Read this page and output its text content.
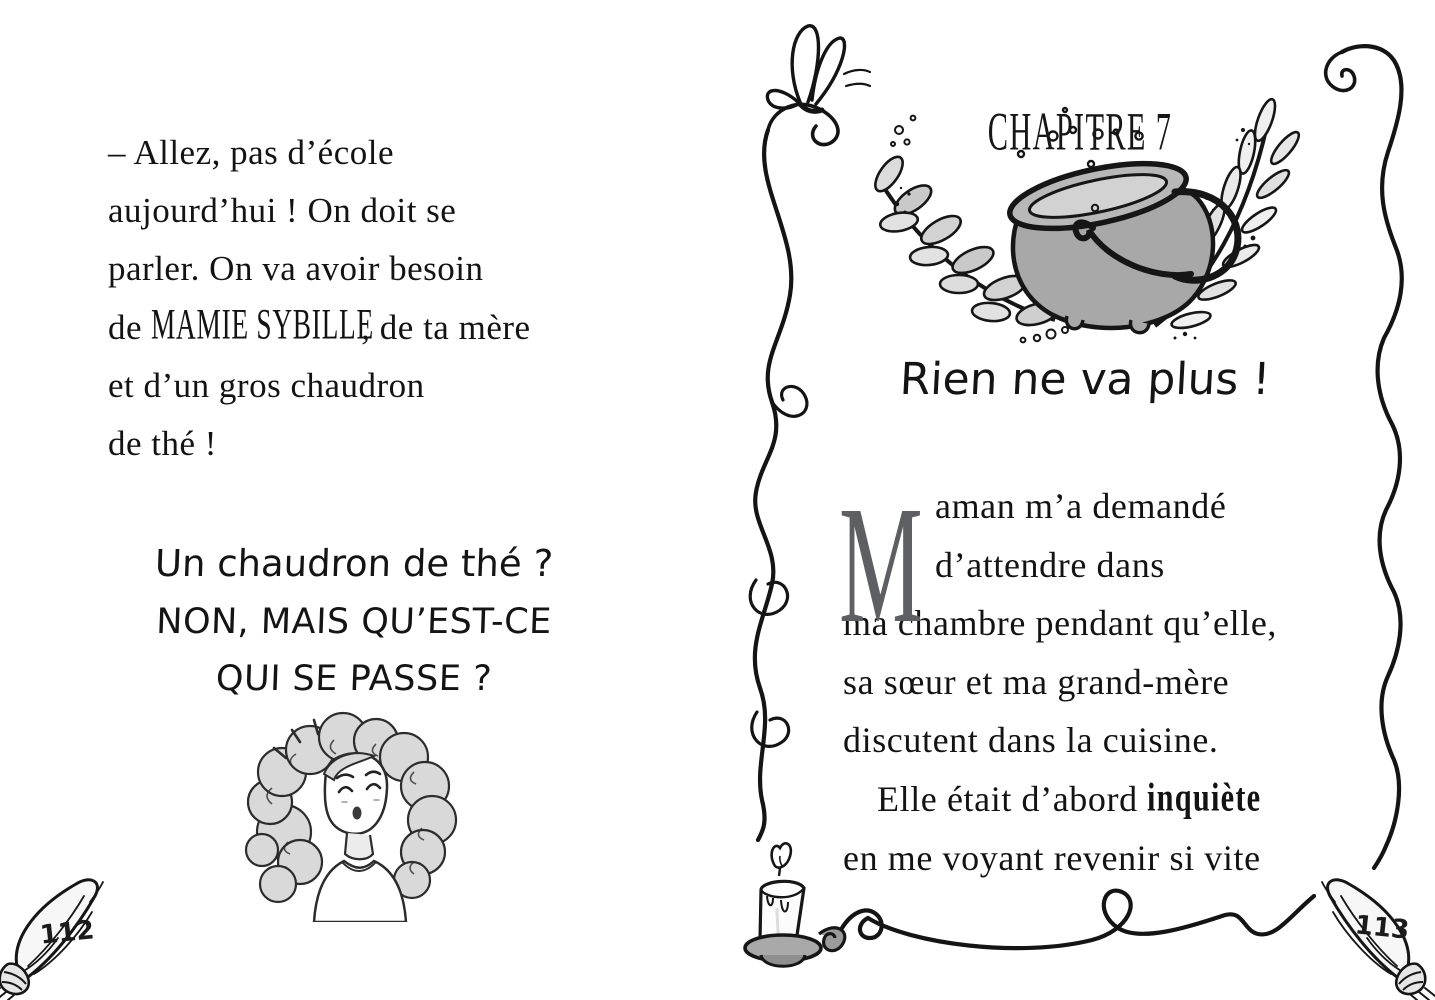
– Allez, pas d’école
aujourd’hui ! On doit se
parler. On va avoir besoin
de MAMIE SYBILLE, de ta mère
et d’un gros chaudron
de thé !
Un chaudron de thé ?
NON, MAIS QU’EST-CE
QUI SE PASSE ?
112
CHAPITRE 7
Rien ne va plus !
M aman m’a demandé
d’attendre dans
ma chambre pendant qu’elle,
sa sœur et ma grand-mère
discutent dans la cuisine.
Elle était d’abord inquiète
en me voyant revenir si vite
113
